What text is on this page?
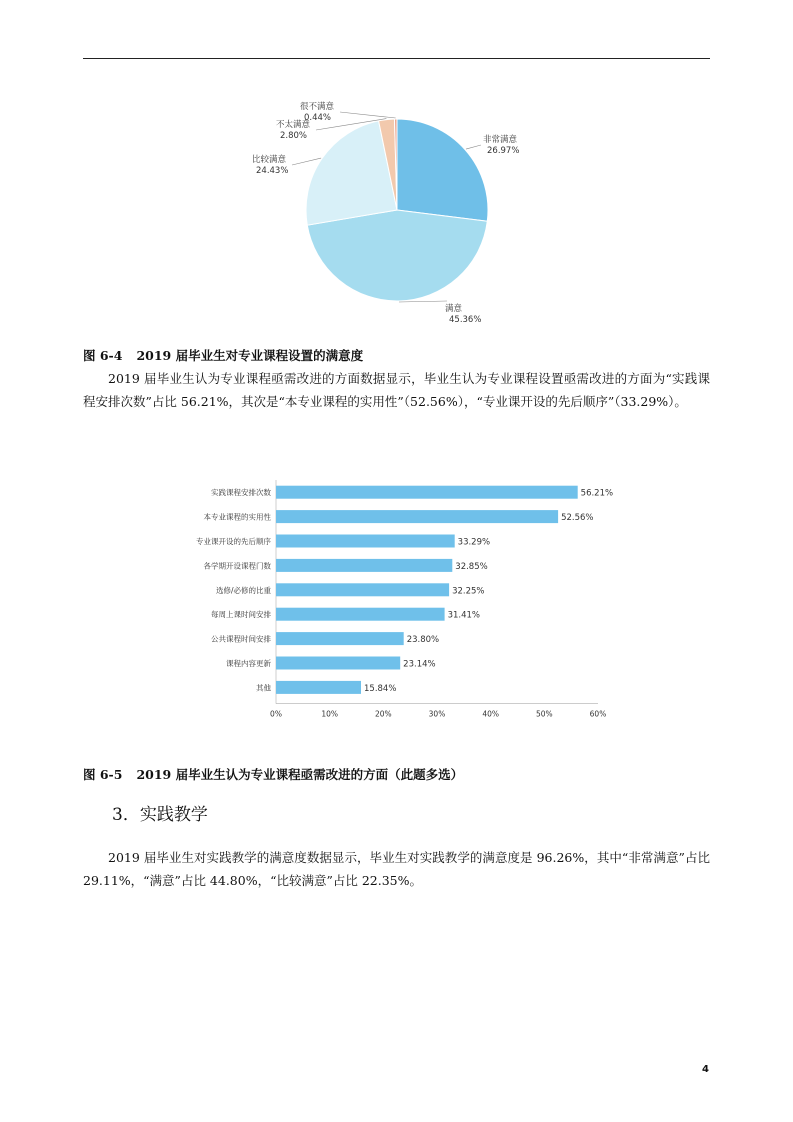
非常满意
26.97%
满意
45.36%
比较满意
24.43%
不太满意
2.80%
很不满意
0.44%
图 6-4 2019 届毕业生对专业课程设置的满意度
2019 届毕业生认为专业课程亟需改进的方面数据显示，毕业生认为专业课程设置亟需改进的方面为“实践课程安排次数”占比 56.21%，其次是“本专业课程的实用性”（52.56%），“专业课开设的先后顺序”（33.29%）。
实践课程安排次数	56.21%
本专业课程的实用性	52.56%
专业课开设的先后顺序	33.29%
各学期开设课程门数	32.85%
选修/必修的比重	32.25%
每周上课时间安排	31.41%
公共课程时间安排	23.80%
课程内容更新	23.14%
其他	15.84%
0%	10%	20%	30%	40%	50%	60%
图 6-5 2019 届毕业生认为专业课程亟需改进的方面（此题多选）
3．实践教学
2019 届毕业生对实践教学的满意度数据显示，毕业生对实践教学的满意度是 96.26%，其中“非常满意”占比 29.11%，“满意”占比 44.80%，“比较满意”占比 22.35%。
4
